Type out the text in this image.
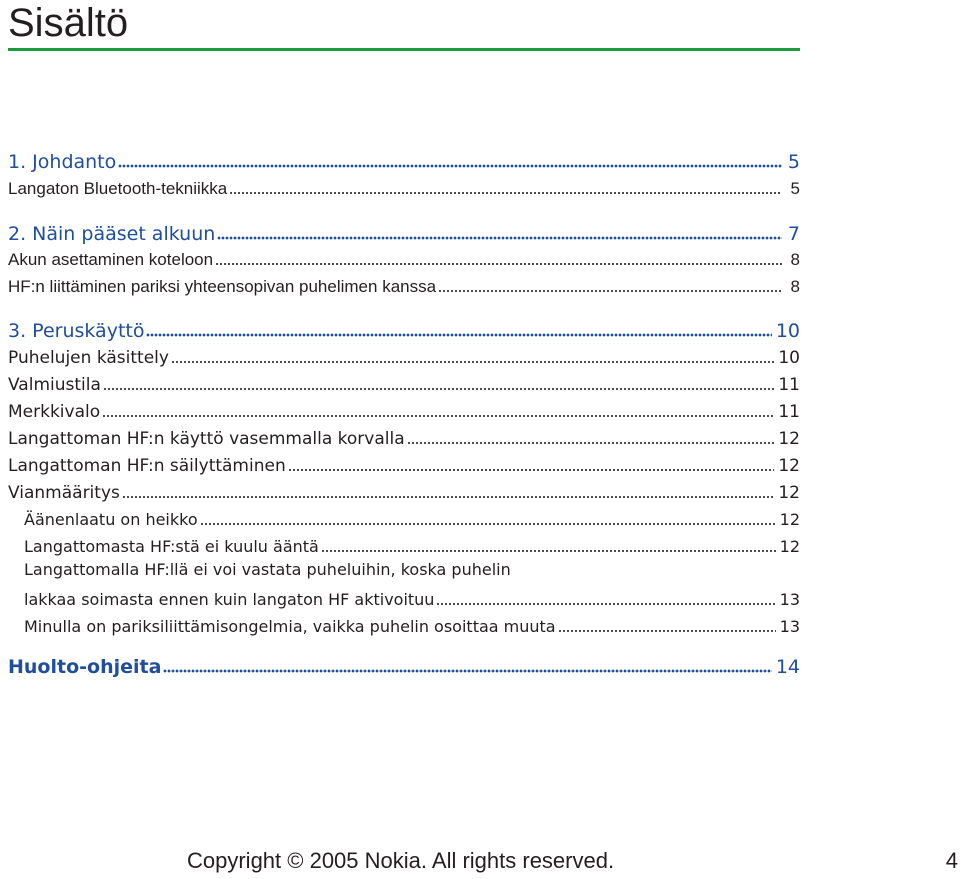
Sisältö
1. Johdanto	5
Langaton Bluetooth-tekniikka	5
2. Näin pääset alkuun	7
Akun asettaminen koteloon	8
HF:n liittäminen pariksi yhteensopivan puhelimen kanssa	8
3. Peruskäyttö	10
Puhelujen käsittely	10
Valmiustila	11
Merkkivalo	11
Langattoman HF:n käyttö vasemmalla korvalla	12
Langattoman HF:n säilyttäminen	12
Vianmääritys	12
Äänenlaatu on heikko	12
Langattomasta HF:stä ei kuulu ääntä	12
Langattomalla HF:llä ei voi vastata puheluihin, koska puhelin
lakkaa soimasta ennen kuin langaton HF aktivoituu	13
Minulla on pariksiliittämisongelmia, vaikka puhelin osoittaa muuta	13
Huolto-ohjeita	14
Copyright © 2005 Nokia. All rights reserved.	4
